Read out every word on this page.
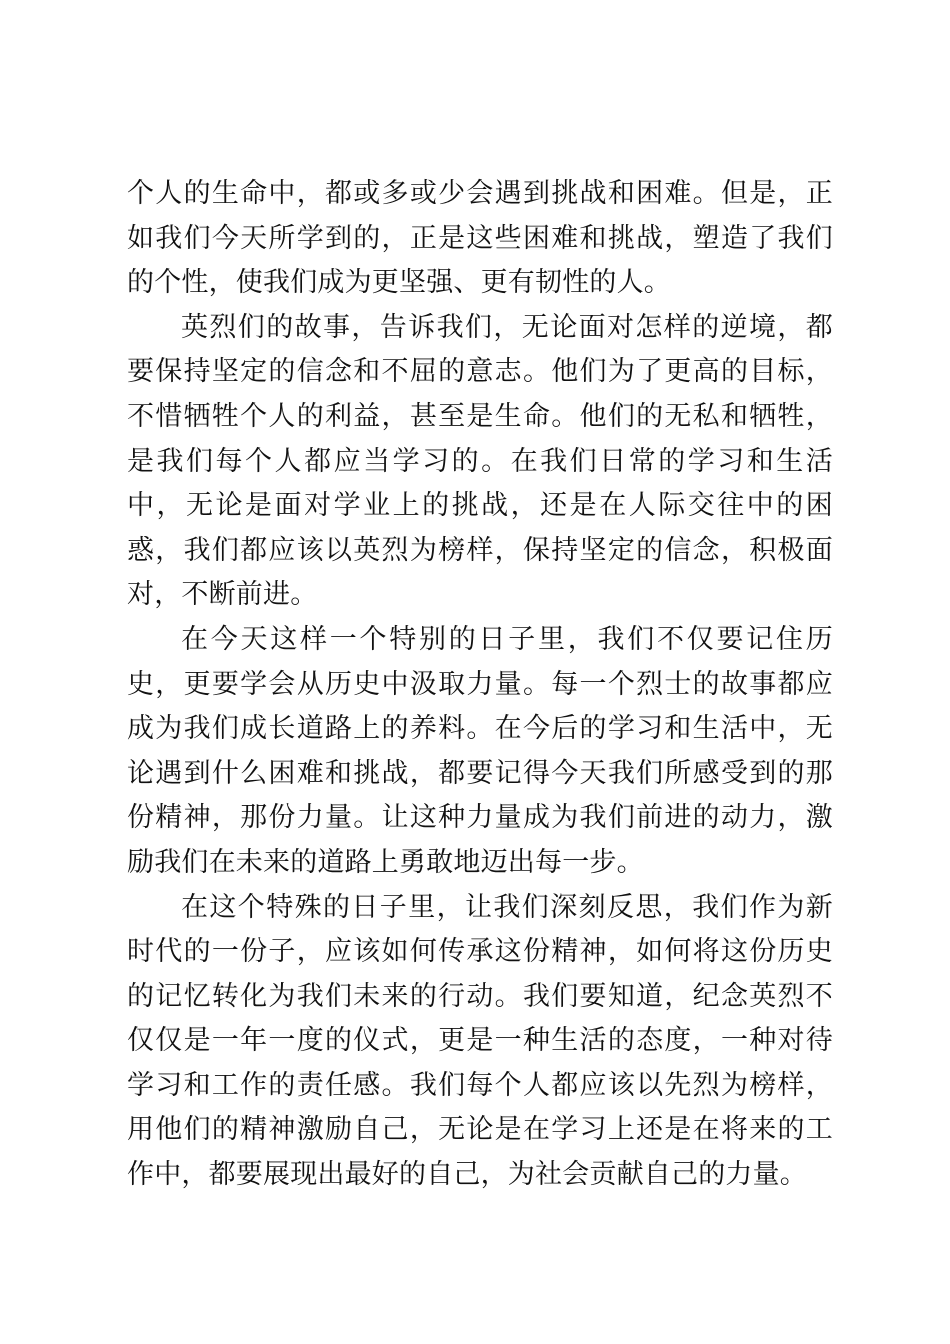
个人的生命中，都或多或少会遇到挑战和困难。但是，正如我们今天所学到的，正是这些困难和挑战，塑造了我们的个性，使我们成为更坚强、更有韧性的人。

英烈们的故事，告诉我们，无论面对怎样的逆境，都要保持坚定的信念和不屈的意志。他们为了更高的目标，不惜牺牲个人的利益，甚至是生命。他们的无私和牺牲，是我们每个人都应当学习的。在我们日常的学习和生活中，无论是面对学业上的挑战，还是在人际交往中的困惑，我们都应该以英烈为榜样，保持坚定的信念，积极面对，不断前进。

在今天这样一个特别的日子里，我们不仅要记住历史，更要学会从历史中汲取力量。每一个烈士的故事都应成为我们成长道路上的养料。在今后的学习和生活中，无论遇到什么困难和挑战，都要记得今天我们所感受到的那份精神，那份力量。让这种力量成为我们前进的动力，激励我们在未来的道路上勇敢地迈出每一步。

在这个特殊的日子里，让我们深刻反思，我们作为新时代的一份子，应该如何传承这份精神，如何将这份历史的记忆转化为我们未来的行动。我们要知道，纪念英烈不仅仅是一年一度的仪式，更是一种生活的态度，一种对待学习和工作的责任感。我们每个人都应该以先烈为榜样，用他们的精神激励自己，无论是在学习上还是在将来的工作中，都要展现出最好的自己，为社会贡献自己的力量。
